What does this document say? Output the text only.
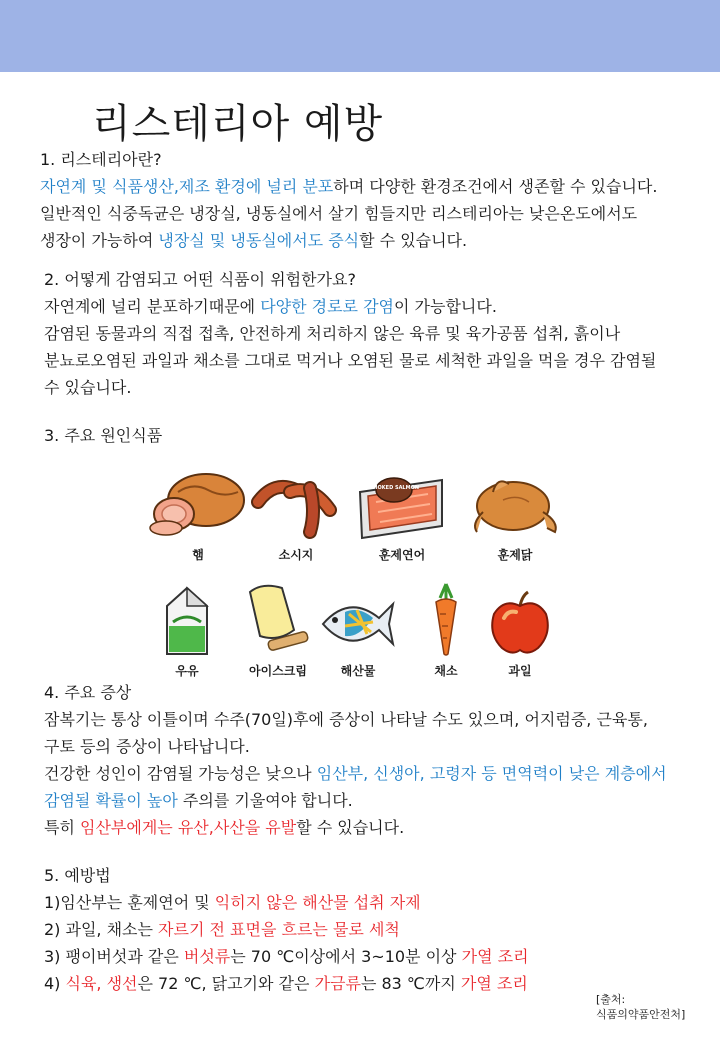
리스테리아 예방

1. 리스테리아란?

자연계 및 식품생산,제조 환경에 널리 분포하며 다양한 환경조건에서 생존할 수 있습니다.

일반적인 식중독균은 냉장실, 냉동실에서 살기 힘들지만 리스테리아는 낮은온도에서도

생장이 가능하여 냉장실 및 냉동실에서도 증식할 수 있습니다.

2. 어떻게 감염되고 어떤 식품이 위험한가요?

자연계에 널리 분포하기때문에 다양한 경로로 감염이 가능합니다.

감염된 동물과의 직접 접촉, 안전하게 처리하지 않은 육류 및 육가공품 섭취, 흙이나

분뇨로오염된 과일과 채소를 그대로 먹거나 오염된 물로 세척한 과일을 먹을 경우 감염될

수 있습니다.

3. 주요 원인식품

햄	소시지
SMOKED SALMON
훈제연어	훈제닭
우유	아이스크림	해산물	채소	과일

4. 주요 증상

잠복기는 통상 이틀이며 수주(70일)후에 증상이 나타날 수도 있으며, 어지럼증, 근육통,

구토 등의 증상이 나타납니다.

건강한 성인이 감염될 가능성은 낮으나 임산부, 신생아, 고령자 등 면역력이 낮은 계층에서

감염될 확률이 높아 주의를 기울여야 합니다.

특히 임산부에게는 유산,사산을 유발할 수 있습니다.

5. 예방법

1)임산부는 훈제연어 및 익히지 않은 해산물 섭취 자제

2) 과일, 채소는 자르기 전 표면을 흐르는 물로 세척

3) 팽이버섯과 같은 버섯류는 70 ℃이상에서 3~10분 이상 가열 조리

4) 식육, 생선은 72 ℃, 닭고기와 같은 가금류는 83 ℃까지 가열 조리

[출처:
식품의약품안전처]
